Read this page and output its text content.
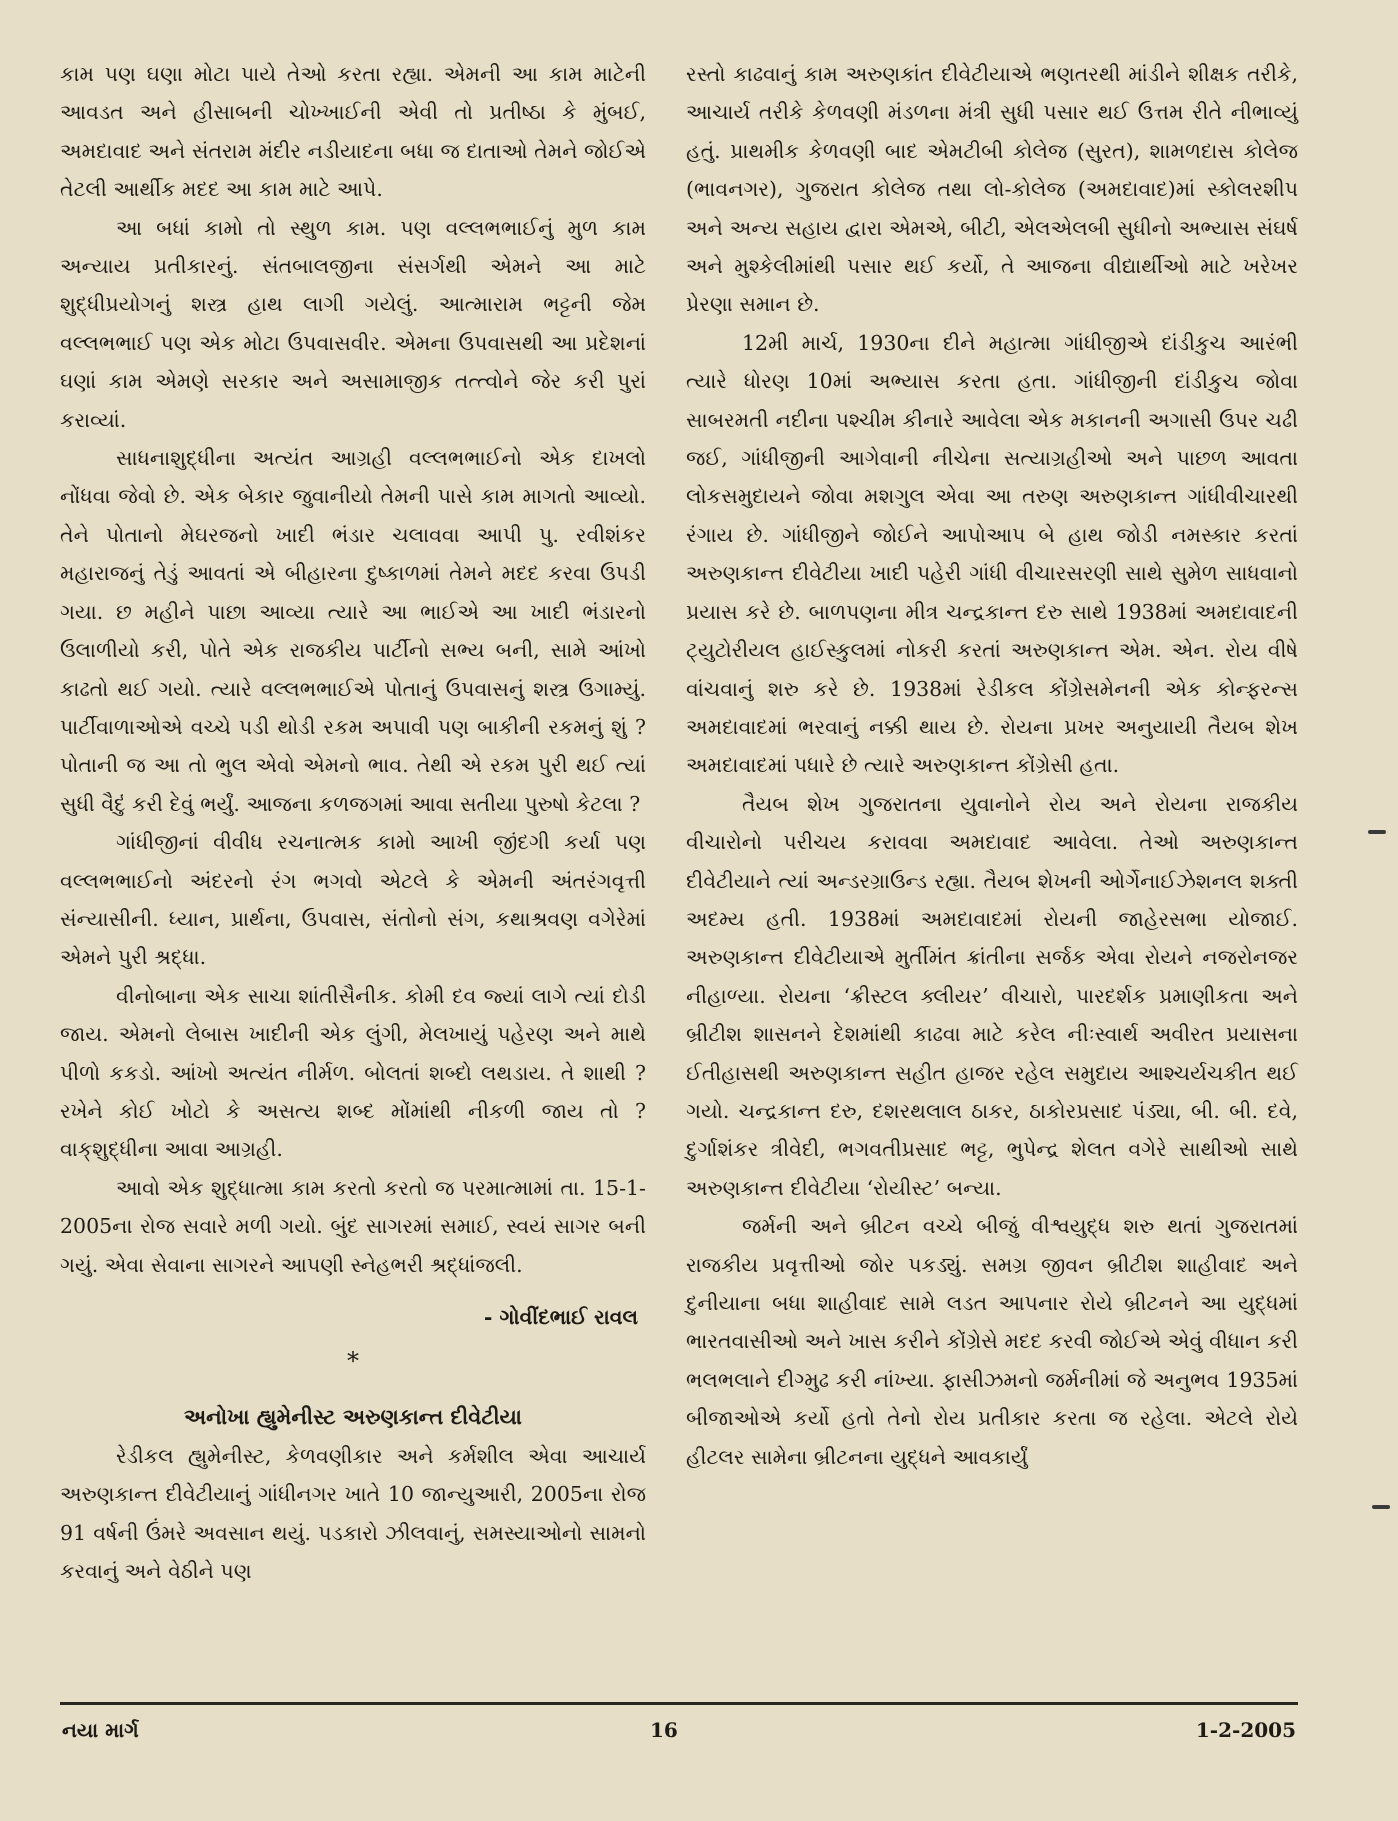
કામ પણ ઘણા મોટા પાયે તેઓ કરતા રહ્યા. એમની આ કામ માટેની આવડત અને હીસાબની ચોખ્ખાઈની એવી તો પ્રતીષ્ઠા કે મુંબઈ, અમદાવાદ અને સંતરામ મંદીર નડીયાદના બધા જ દાતાઓ તેમને જોઈએ તેટલી આર્થીક મદદ આ કામ માટે આપે.

આ બધાં કામો તો સ્થુળ કામ. પણ વલ્લભભાઈનું મુળ કામ અન્યાય પ્રતીકારનું. સંતબાલજીના સંસર્ગથી એમને આ માટે શુદ્ધીપ્રયોગનું શસ્ત્ર હાથ લાગી ગયેલું. આત્મારામ ભટ્ટની જેમ વલ્લભભાઈ પણ એક મોટા ઉપવાસવીર. એમના ઉપવાસથી આ પ્રદેશનાં ઘણાં કામ એમણે સરકાર અને અસામાજીક તત્ત્વોને જેર કરી પુરાં કરાવ્યાં.

સાધનાશુદ્ધીના અત્યંત આગ્રહી વલ્લભભાઈનો એક દાખલો નોંધવા જેવો છે. એક બેકાર જુવાનીયો તેમની પાસે કામ માગતો આવ્યો. તેને પોતાનો મેઘરજનો ખાદી ભંડાર ચલાવવા આપી પુ. રવીશંકર મહારાજનું તેડું આવતાં એ બીહારના દુષ્કાળમાં તેમને મદદ કરવા ઉપડી ગયા. છ મહીને પાછા આવ્યા ત્યારે આ ભાઈએ આ ખાદી ભંડારનો ઉલાળીયો કરી, પોતે એક રાજકીય પાર્ટીનો સભ્ય બની, સામે આંખો કાઢતો થઈ ગયો. ત્યારે વલ્લભભાઈએ પોતાનું ઉપવાસનું શસ્ત્ર ઉગામ્યું. પાર્ટીવાળાઓએ વચ્ચે પડી થોડી રકમ અપાવી પણ બાકીની રકમનું શું ? પોતાની જ આ તો ભુલ એવો એમનો ભાવ. તેથી એ રકમ પુરી થઈ ત્યાં સુધી વૈદું કરી દેવું ભર્યું. આજના કળજગમાં આવા સતીયા પુરુષો કેટલા ?

ગાંધીજીનાં વીવીધ રચનાત્મક કામો આખી જીંદગી કર્યા પણ વલ્લભભાઈનો અંદરનો રંગ ભગવો એટલે કે એમની અંતરંગવૃત્તી સંન્યાસીની. ધ્યાન, પ્રાર્થના, ઉપવાસ, સંતોનો સંગ, કથાશ્રવણ વગેરેમાં એમને પુરી શ્રદ્ધા.

વીનોબાના એક સાચા શાંતીસૈનીક. કોમી દવ જ્યાં લાગે ત્યાં દોડી જાય. એમનો લેબાસ ખાદીની એક લુંગી, મેલખાયું પહેરણ અને માથે પીળો કકડો. આંખો અત્યંત નીર્મળ. બોલતાં શબ્દો લથડાય. તે શાથી ? રખેને કોઈ ખોટો કે અસત્ય શબ્દ મોંમાંથી નીકળી જાય તો ? વાક્‌શુદ્ધીના આવા આગ્રહી.

આવો એક શુદ્ધાત્મા કામ કરતો કરતો જ પરમાત્મામાં તા. 15-1-2005ના રોજ સવારે મળી ગયો. બુંદ સાગરમાં સમાઈ, સ્વયં સાગર બની ગયું. એવા સેવાના સાગરને આપણી સ્નેહભરી શ્રદ્ધાંજલી.

- ગોવીંદભાઈ રાવલ
*
અનોખા હ્યુમેનીસ્ટ અરુણકાન્ત દીવેટીયા

રેડીકલ હ્યુમેનીસ્ટ, કેળવણીકાર અને કર્મશીલ એવા આચાર્ય અરુણકાન્ત દીવેટીયાનું ગાંધીનગર ખાતે 10 જાન્યુઆરી, 2005ના રોજ 91 વર્ષની ઉંમરે અવસાન થયું. પડકારો ઝીલવાનું, સમસ્યાઓનો સામનો કરવાનું અને વેઠીને પણ

રસ્તો કાઢવાનું કામ અરુણકાંત દીવેટીયાએ ભણતરથી માંડીને શીક્ષક તરીકે, આચાર્ય તરીકે કેળવણી મંડળના મંત્રી સુધી પસાર થઈ ઉત્તમ રીતે નીભાવ્યું હતું. પ્રાથમીક કેળવણી બાદ એમટીબી કોલેજ (સુરત), શામળદાસ કોલેજ (ભાવનગર), ગુજરાત કોલેજ તથા લો-કોલેજ (અમદાવાદ)માં સ્કોલરશીપ અને અન્ય સહાય દ્વારા એમએ, બીટી, એલએલબી સુધીનો અભ્યાસ સંઘર્ષ અને મુશ્કેલીમાંથી પસાર થઈ કર્યો, તે આજના વીદ્યાર્થીઓ માટે ખરેખર પ્રેરણા સમાન છે.

12મી માર્ચ, 1930ના દીને મહાત્મા ગાંધીજીએ દાંડીકુચ આરંભી ત્યારે ધોરણ 10માં અભ્યાસ કરતા હતા. ગાંધીજીની દાંડીકુચ જોવા સાબરમતી નદીના પશ્ચીમ કીનારે આવેલા એક મકાનની અગાસી ઉપર ચઢી જઈ, ગાંધીજીની આગેવાની નીચેના સત્યાગ્રહીઓ અને પાછળ આવતા લોકસમુદાયને જોવા મશગુલ એવા આ તરુણ અરુણકાન્ત ગાંધીવીચારથી રંગાય છે. ગાંધીજીને જોઈને આપોઆપ બે હાથ જોડી નમસ્કાર કરતાં અરુણકાન્ત દીવેટીયા ખાદી પહેરી ગાંધી વીચારસરણી સાથે સુમેળ સાધવાનો પ્રયાસ કરે છે. બાળપણના મીત્ર ચન્દ્રકાન્ત દરુ સાથે 1938માં અમદાવાદની ટ્યુટોરીયલ હાઈસ્કુલમાં નોકરી કરતાં અરુણકાન્ત એમ. એન. રોય વીષે વાંચવાનું શરુ કરે છે. 1938માં રેડીકલ કોંગ્રેસમેનની એક કોન્ફરન્સ અમદાવાદમાં ભરવાનું નક્કી થાય છે. રોયના પ્રખર અનુયાયી તૈયબ શેખ અમદાવાદમાં પધારે છે ત્યારે અરુણકાન્ત કોંગ્રેસી હતા.

તૈયબ શેખ ગુજરાતના યુવાનોને રોય અને રોયના રાજકીય વીચારોનો પરીચય કરાવવા અમદાવાદ આવેલા. તેઓ અરુણકાન્ત દીવેટીયાને ત્યાં અન્ડરગ્રાઉન્ડ રહ્યા. તૈયબ શેખની ઓર્ગેનાઈઝેશનલ શક્તી અદમ્ય હતી. 1938માં અમદાવાદમાં રોયની જાહેરસભા યોજાઈ. અરુણકાન્ત દીવેટીયાએ મુર્તીમંત ક્રાંતીના સર્જક એવા રોયને નજરોનજર નીહાળ્યા. રોયના ‘ક્રીસ્ટલ ક્લીયર’ વીચારો, પારદર્શક પ્રમાણીકતા અને બ્રીટીશ શાસનને દેશમાંથી કાઢવા માટે કરેલ નીઃસ્વાર્થ અવીરત પ્રયાસના ઈતીહાસથી અરુણકાન્ત સહીત હાજર રહેલ સમુદાય આશ્ચર્યચકીત થઈ ગયો. ચન્દ્રકાન્ત દરુ, દશરથલાલ ઠાકર, ઠાકોરપ્રસાદ પંડ્યા, બી. બી. દવે, દુર્ગાશંકર ત્રીવેદી, ભગવતીપ્રસાદ ભટ્ટ, ભુપેન્દ્ર શેલત વગેરે સાથીઓ સાથે અરુણકાન્ત દીવેટીયા ‘રોયીસ્ટ’ બન્યા.

જર્મની અને બ્રીટન વચ્ચે બીજું વીશ્વયુદ્ધ શરુ થતાં ગુજરાતમાં રાજકીય પ્રવૃત્તીઓ જોર પકડ્યું. સમગ્ર જીવન બ્રીટીશ શાહીવાદ અને દુનીયાના બધા શાહીવાદ સામે લડત આપનાર રોયે બ્રીટનને આ યુદ્ધમાં ભારતવાસીઓ અને ખાસ કરીને કોંગ્રેસે મદદ કરવી જોઈએ એવું વીધાન કરી ભલભલાને દીગ્મુઢ કરી નાંખ્યા. ફાસીઝમનો જર્મનીમાં જે અનુભવ 1935માં બીજાઓએ કર્યો હતો તેનો રોય પ્રતીકાર કરતા જ રહેલા. એટલે રોયે હીટલર સામેના બ્રીટનના યુદ્ધને આવકાર્યું

નયા માર્ગ	16	1-2-2005
